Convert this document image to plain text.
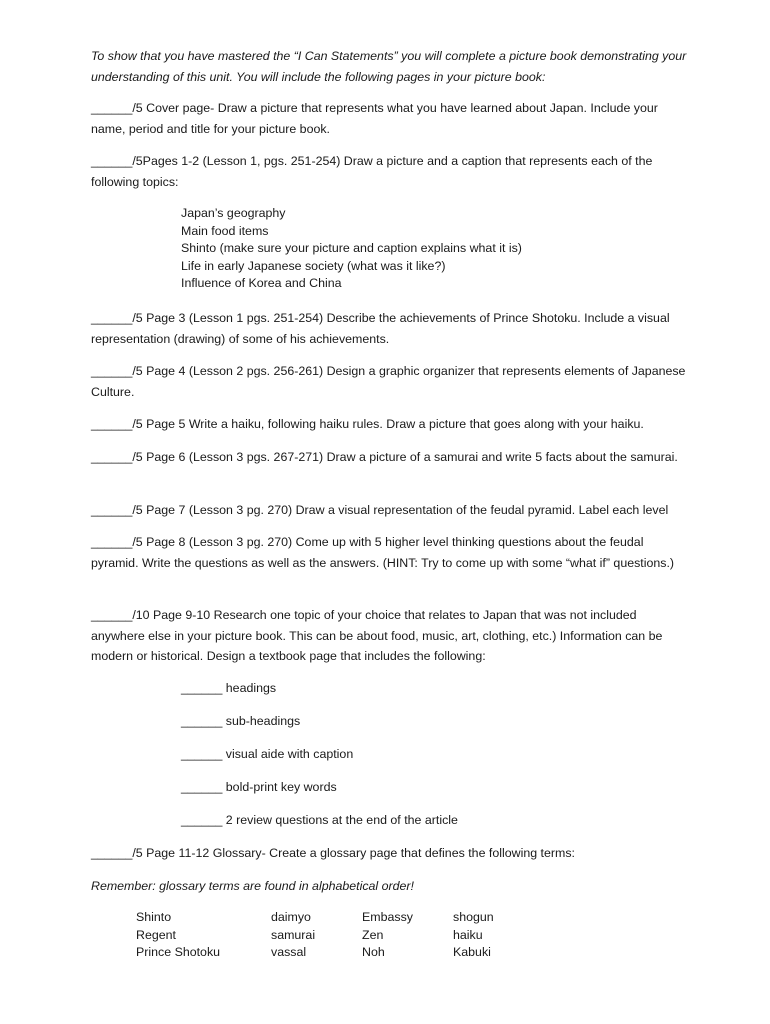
To show that you have mastered the “I Can Statements” you will complete a picture book demonstrating your understanding of this unit. You will include the following pages in your picture book:
______/5 Cover page- Draw a picture that represents what you have learned about Japan. Include your name, period and title for your picture book.
______/5Pages 1-2 (Lesson 1, pgs. 251-254) Draw a picture and a caption that represents each of the following topics:
Japan’s geography
Main food items
Shinto (make sure your picture and caption explains what it is)
Life in early Japanese society (what was it like?)
Influence of Korea and China
______/5 Page 3 (Lesson 1 pgs. 251-254) Describe the achievements of Prince Shotoku. Include a visual representation (drawing) of some of his achievements.
______/5 Page 4 (Lesson 2 pgs. 256-261) Design a graphic organizer that represents elements of Japanese Culture.
______/5 Page 5 Write a haiku, following haiku rules. Draw a picture that goes along with your haiku.
______/5 Page 6 (Lesson 3 pgs. 267-271) Draw a picture of a samurai and write 5 facts about the samurai.
______/5 Page 7 (Lesson 3 pg. 270) Draw a visual representation of the feudal pyramid. Label each level
______/5 Page 8 (Lesson 3 pg. 270) Come up with 5 higher level thinking questions about the feudal pyramid. Write the questions as well as the answers. (HINT: Try to come up with some “what if” questions.)
______/10 Page 9-10 Research one topic of your choice that relates to Japan that was not included anywhere else in your picture book. This can be about food, music, art, clothing, etc.) Information can be modern or historical. Design a textbook page that includes the following:
______ headings
______ sub-headings
______ visual aide with caption
______ bold-print key words
______ 2 review questions at the end of the article
______/5 Page 11-12 Glossary- Create a glossary page that defines the following terms:
Remember: glossary terms are found in alphabetical order!
Shinto
Regent
Prince Shotoku
daimyo
samurai
vassal
Embassy
Zen
Noh
shogun
haiku
Kabuki
